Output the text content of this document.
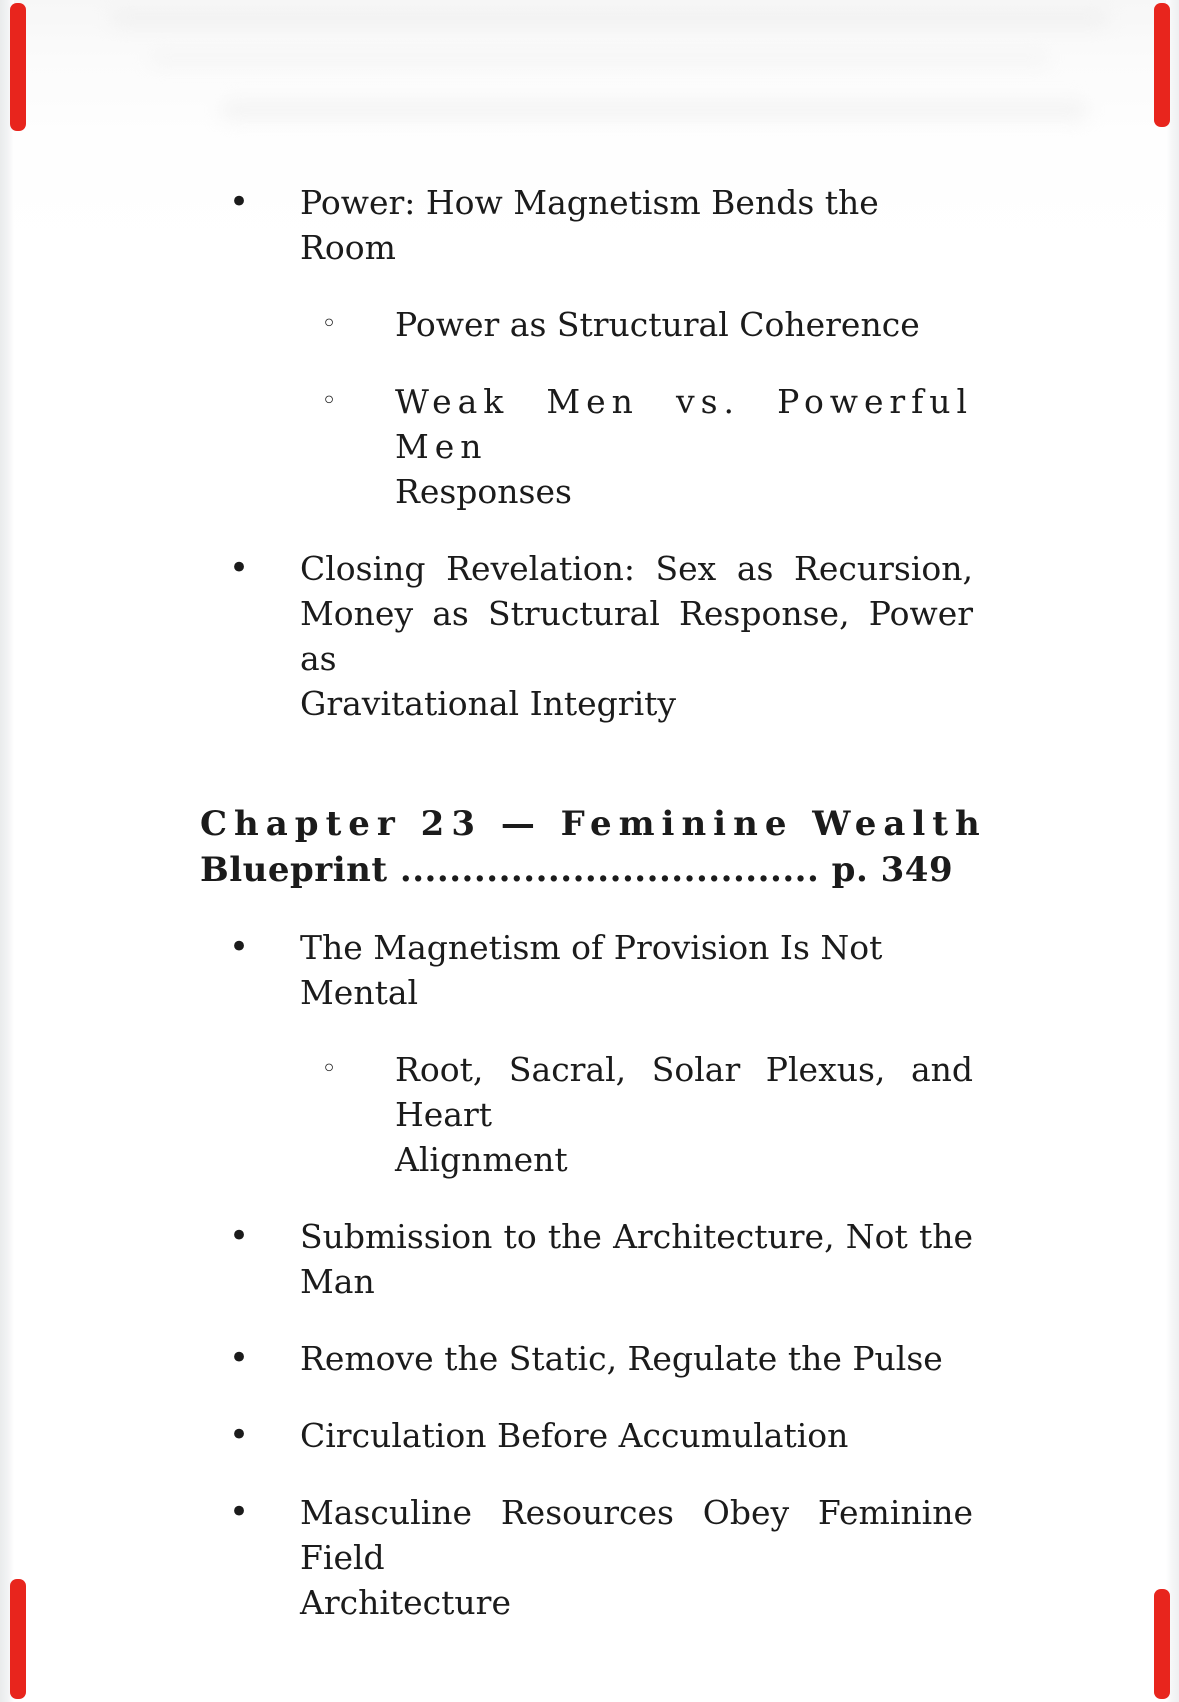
• Power: How Magnetism Bends the Room
◦ Power as Structural Coherence
◦ Weak Men vs. Powerful Men
Responses
• Closing Revelation: Sex as Recursion,
Money as Structural Response, Power as
Gravitational Integrity
Chapter 23 — Feminine Wealth
Blueprint .................................. p. 349
• The Magnetism of Provision Is Not Mental
◦ Root, Sacral, Solar Plexus, and Heart
Alignment
• Submission to the Architecture, Not the
Man
• Remove the Static, Regulate the Pulse
• Circulation Before Accumulation
• Masculine Resources Obey Feminine Field
Architecture
